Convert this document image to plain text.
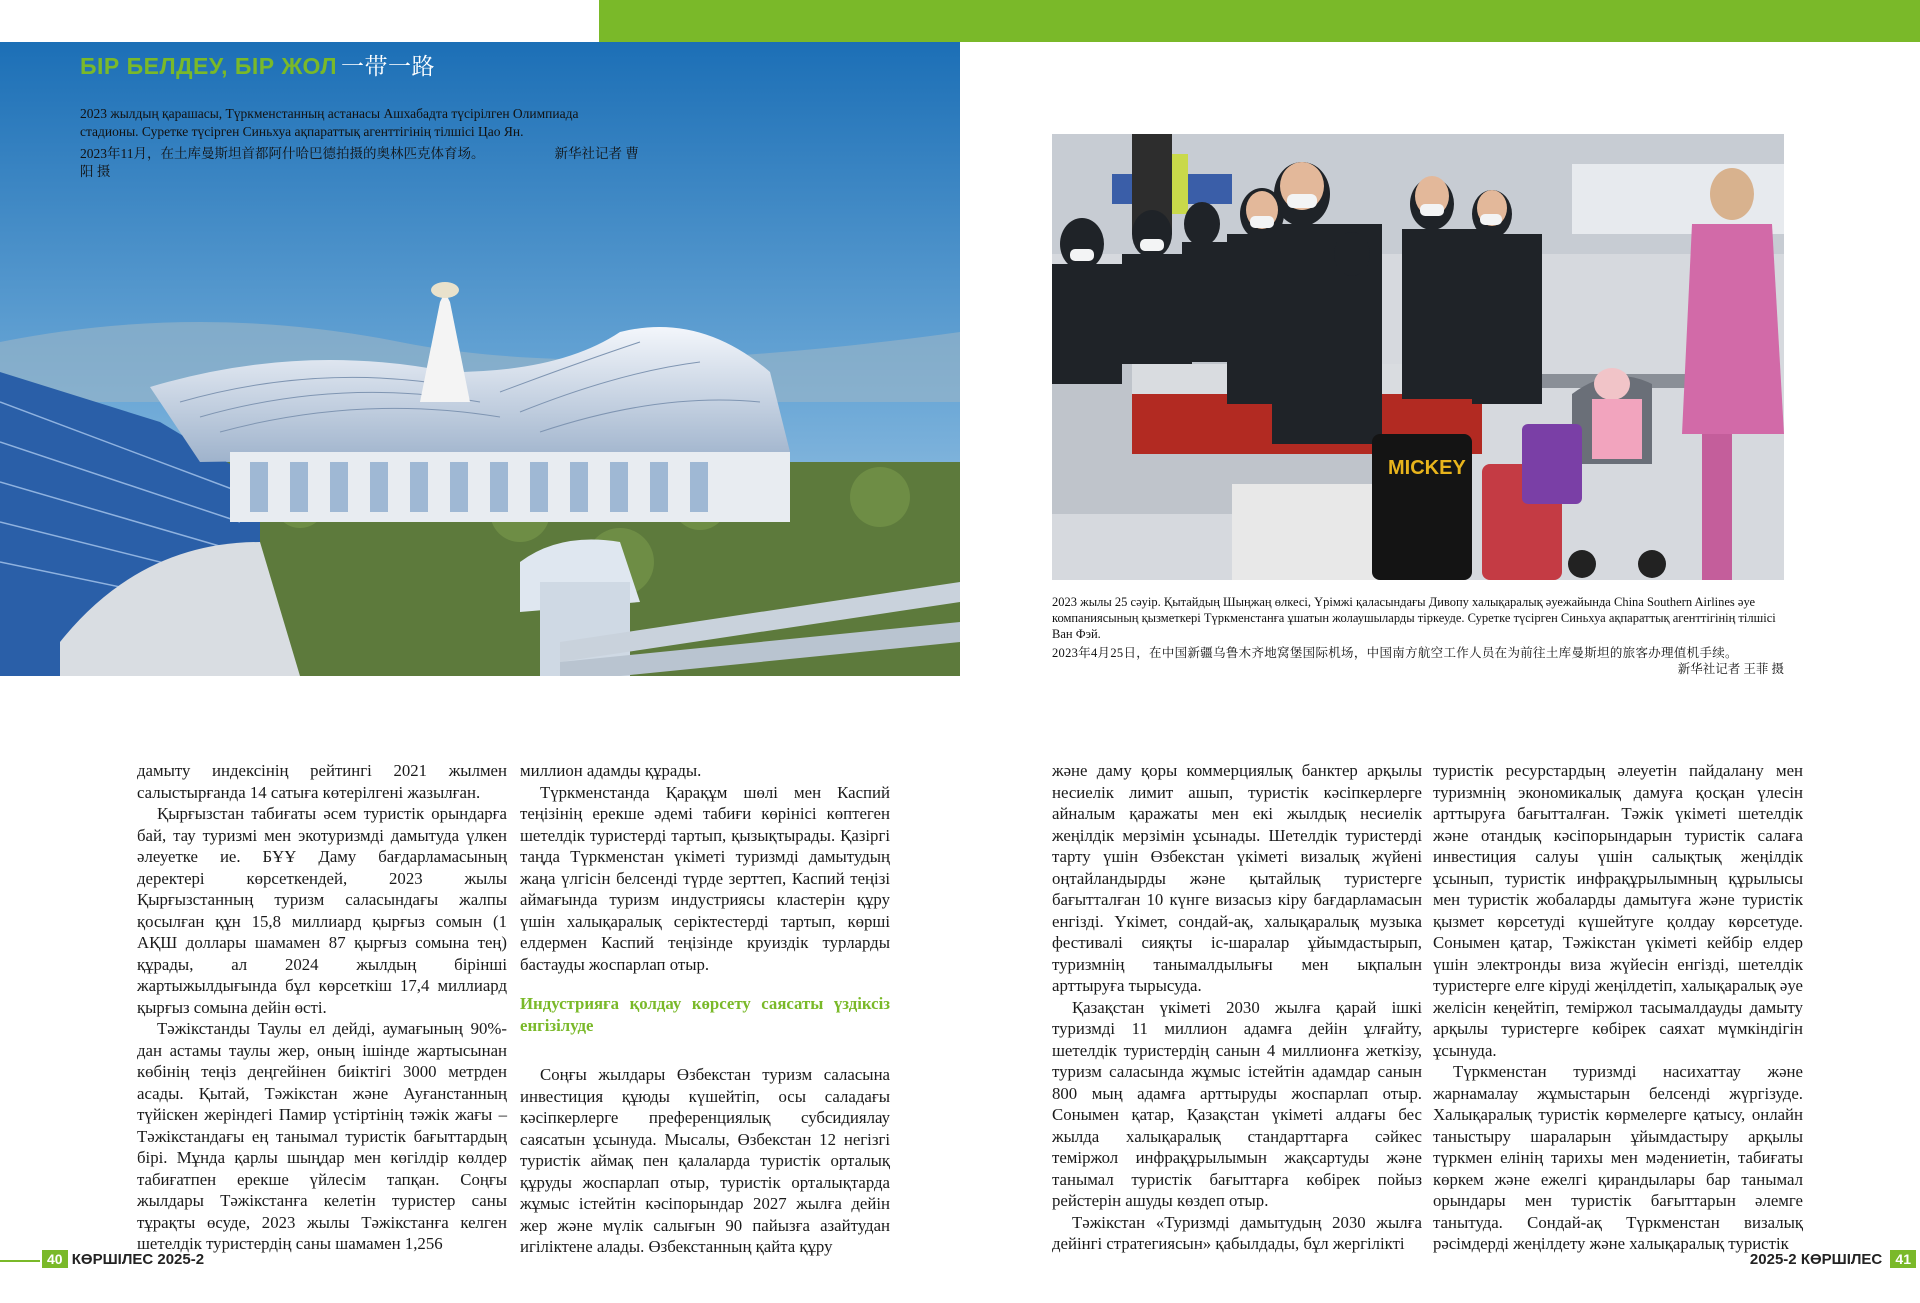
БІР БЕЛДЕУ, БІР ЖОЛ 一带一路
2023 жылдың қарашасы, Түркменстанның астанасы Ашхабадта түсірілген Олимпиада стадионы. Суретке түсірген Синьхуа ақпараттық агенттігінің тілшісі Цао Ян.
2023年11月，在土库曼斯坦首都阿什哈巴德拍摄的奥林匹克体育场。	新华社记者 曹阳 摄
MICKEY
2023 жылы 25 сәуір. Қытайдың Шыңжаң өлкесі, Үрімжі қаласындағы Дивопу халықаралық әуежайында China Southern Airlines әуе компаниясының қызметкері Түркменстанға ұшатын жолаушыларды тіркеуде. Суретке түсірген Синьхуа ақпараттық агенттігінің тілшісі Ван Фэй.
2023年4月25日，在中国新疆乌鲁木齐地窝堡国际机场，中国南方航空工作人员在为前往土库曼斯坦的旅客办理值机手续。
新华社记者 王菲 摄

дамыту индексінің рейтингі 2021 жылмен салыстырғанда 14 сатыға көтерілгені жазылған.

Қырғызстан табиғаты әсем туристік орындарға бай, тау туризмі мен экотуризмді дамытуда үлкен әлеуетке ие. БҰҰ Даму бағдарламасының деректері көрсеткендей, 2023 жылы Қырғызстанның туризм саласындағы жалпы қосылған құн 15,8 миллиард қырғыз сомын (1 АҚШ доллары шамамен 87 қырғыз сомына тең) құрады, ал 2024 жылдың бірінші жартыжылдығында бұл көрсеткіш 17,4 миллиард қырғыз сомына дейін өсті.

Тәжікстанды Таулы ел дейді, аумағының 90%-дан астамы таулы жер, оның ішінде жартысынан көбінің теңіз деңгейінен биіктігі 3000 метрден асады. Қытай, Тәжікстан және Ауғанстанның түйіскен жеріндегі Памир үстіртінің тәжік жағы – Тәжікстандағы ең танымал туристік бағыттардың бірі. Мұнда қарлы шыңдар мен көгілдір көлдер табиғатпен ерекше үйлесім тапқан. Соңғы жылдары Тәжікстанға келетін туристер саны тұрақты өсуде, 2023 жылы Тәжікстанға келген шетелдік туристердің саны шамамен 1,256

миллион адамды құрады.

Түркменстанда Қарақұм шөлі мен Каспий теңізінің ерекше әдемі табиғи көрінісі көптеген шетелдік туристерді тартып, қызықтырады. Қазіргі таңда Түркменстан үкіметі туризмді дамытудың жаңа үлгісін белсенді түрде зерттеп, Каспий теңізі аймағында туризм индустриясы кластерін құру үшін халықаралық серіктестерді тартып, көрші елдермен Каспий теңізінде круиздік турларды бастауды жоспарлап отыр.

Индустрияға қолдау көрсету саясаты үздіксіз енгізілуде

Соңғы жылдары Өзбекстан туризм саласына инвестиция құюды күшейтіп, осы саладағы кәсіпкерлерге преференциялық субсидиялау саясатын ұсынуда. Мысалы, Өзбекстан 12 негізгі туристік аймақ пен қалаларда туристік орталық құруды жоспарлап отыр, туристік орталықтарда жұмыс істейтін кәсіпорындар 2027 жылға дейін жер және мүлік салығын 90 пайызға азайтудан игіліктене алады. Өзбекстанның қайта құру

және даму қоры коммерциялық банктер арқылы несиелік лимит ашып, туристік кәсіпкерлерге айналым қаражаты мен екі жылдық несиелік жеңілдік мерзімін ұсынады. Шетелдік туристерді тарту үшін Өзбекстан үкіметі визалық жүйені оңтайландырды және қытайлық туристерге бағытталған 10 күнге визасыз кіру бағдарламасын енгізді. Үкімет, сондай-ақ, халықаралық музыка фестивалі сияқты іс-шаралар ұйымдастырып, туризмнің танымалдылығы мен ықпалын арттыруға тырысуда.

Қазақстан үкіметі 2030 жылға қарай ішкі туризмді 11 миллион адамға дейін ұлғайту, шетелдік туристердің санын 4 миллионға жеткізу, туризм саласында жұмыс істейтін адамдар санын 800 мың адамға арттыруды жоспарлап отыр. Сонымен қатар, Қазақстан үкіметі алдағы бес жылда халықаралық стандарттарға сәйкес теміржол инфрақұрылымын жақсартуды және танымал туристік бағыттарға көбірек пойыз рейстерін ашуды көздеп отыр.

Тәжікстан «Туризмді дамытудың 2030 жылға дейінгі стратегиясын» қабылдады, бұл жергілікті

туристік ресурстардың әлеуетін пайдалану мен туризмнің экономикалық дамуға қосқан үлесін арттыруға бағытталған. Тәжік үкіметі шетелдік және отандық кәсіпорындарын туристік салаға инвестиция салуы үшін салықтық жеңілдік ұсынып, туристік инфрақұрылымның құрылысы мен туристік жобаларды дамытуға және туристік қызмет көрсетуді күшейтуге қолдау көрсетуде. Сонымен қатар, Тәжікстан үкіметі кейбір елдер үшін электронды виза жүйесін енгізді, шетелдік туристерге елге кіруді жеңілдетіп, халықаралық әуе желісін кеңейтіп, теміржол тасымалдауды дамыту арқылы туристерге көбірек саяхат мүмкіндігін ұсынуда.

Түркменстан туризмді насихаттау және жарнамалау жұмыстарын белсенді жүргізуде. Халықаралық туристік көрмелерге қатысу, онлайн таныстыру шараларын ұйымдастыру арқылы түркмен елінің тарихы мен мәдениетін, табиғаты көркем және ежелгі қирандылары бар танымал орындары мен туристік бағыттарын әлемге танытуда. Сондай-ақ Түркменстан визалық рәсімдерді жеңілдету және халықаралық туристік

40 КӨРШІЛЕС 2025-2	2025-2 КӨРШІЛЕС 41
